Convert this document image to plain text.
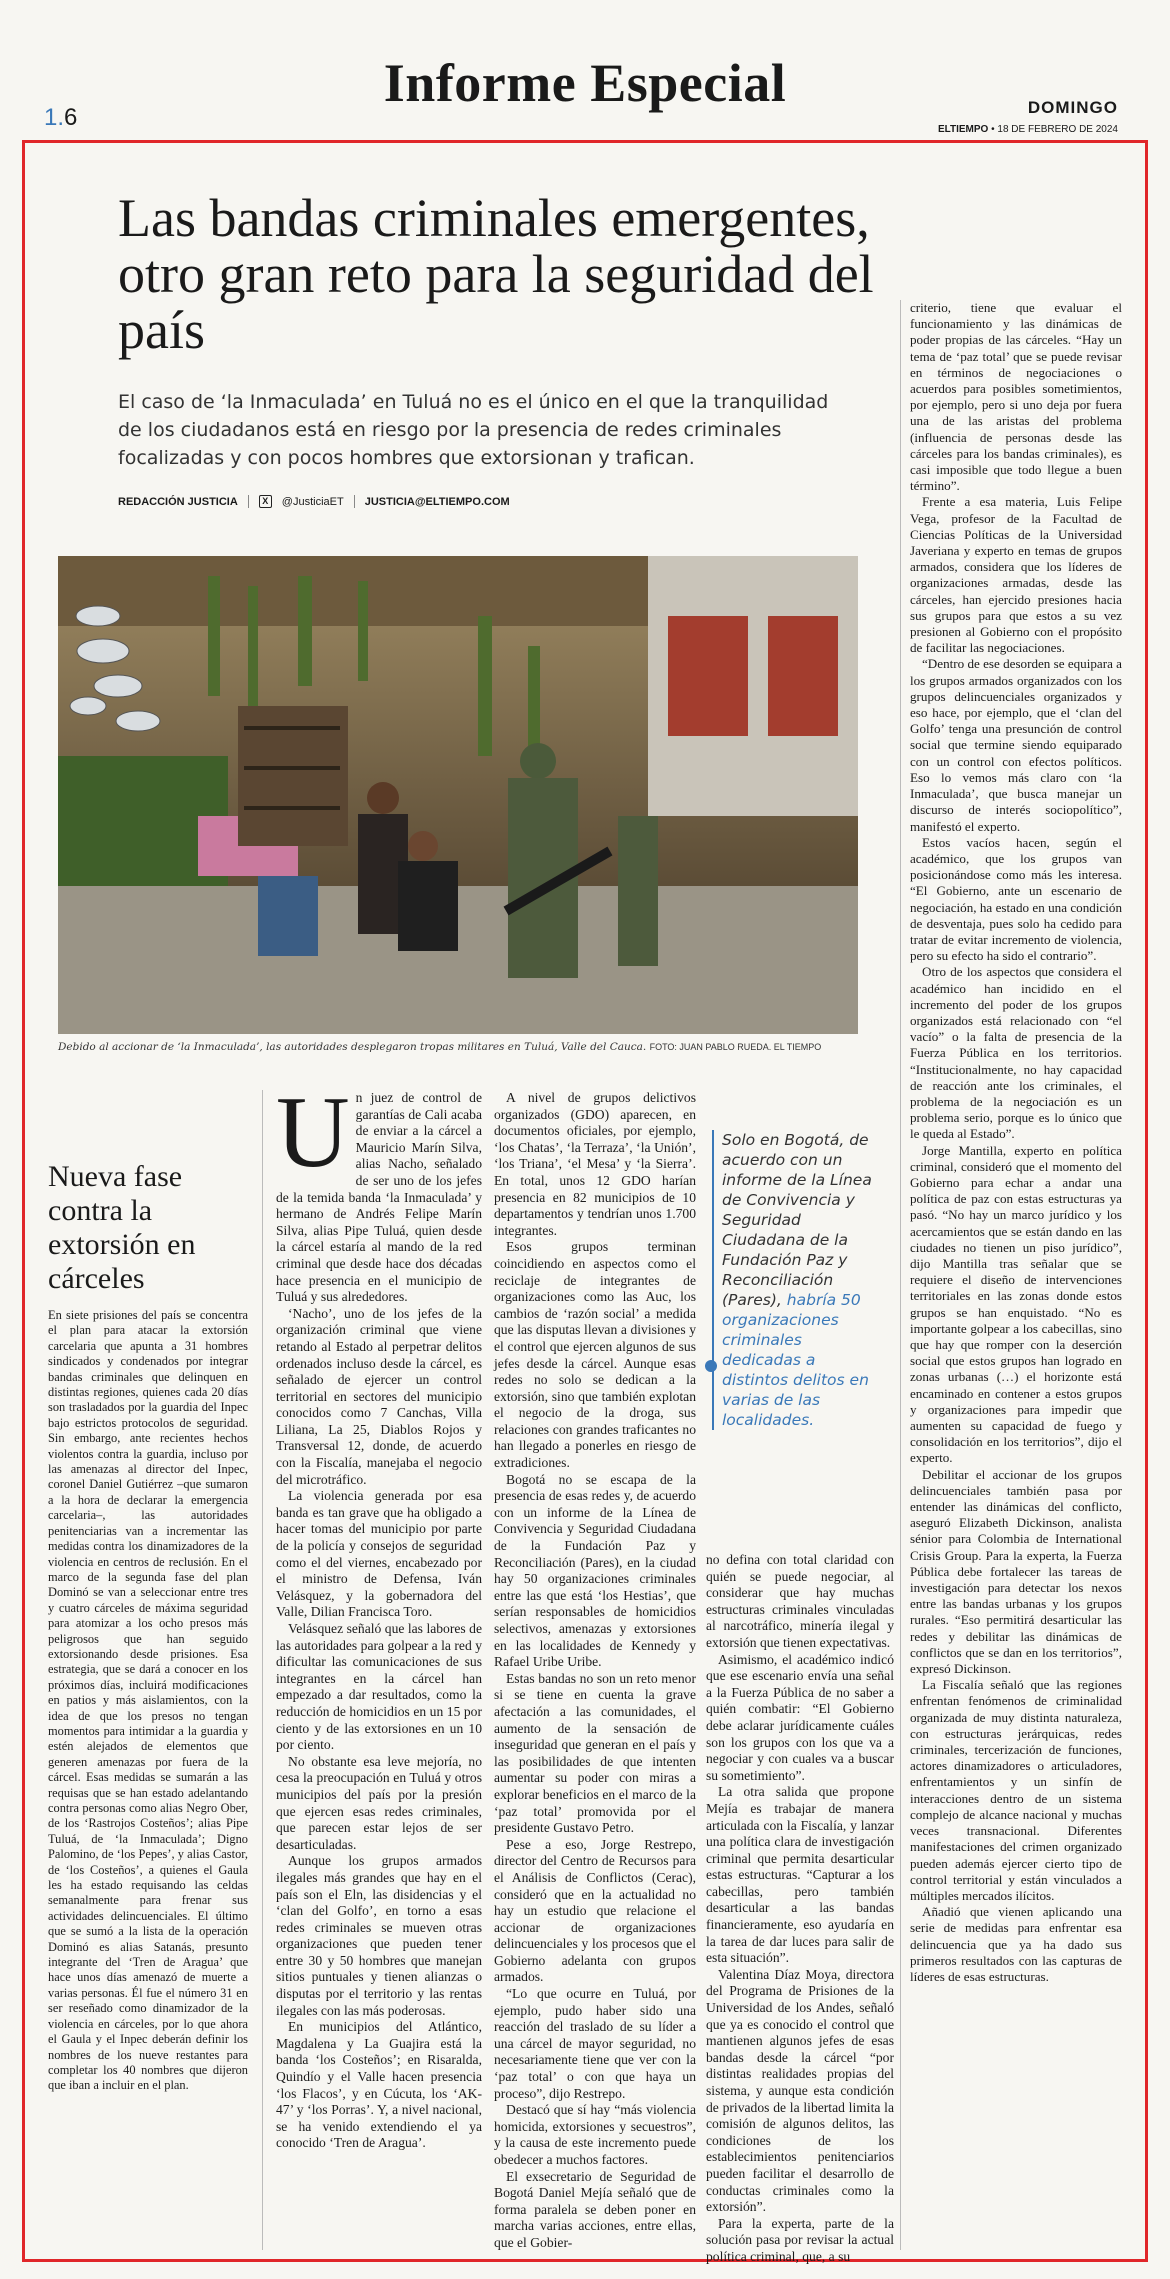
1.6
Informe Especial	DOMINGO
ELTIEMPO • 18 DE FEBRERO DE 2024
Las bandas criminales emergentes, otro gran reto para la seguridad del país
El caso de ‘la Inmaculada’ en Tuluá no es el único en el que la tranquilidad de los ciudadanos está en riesgo por la presencia de redes criminales focalizadas y con pocos hombres que extorsionan y trafican.
REDACCIÓN JUSTICIA	X	@JusticiaET JUSTICIA@ELTIEMPO.COM
Debido al accionar de ‘la Inmaculada’, las autoridades desplegaron tropas militares en Tuluá, Valle del Cauca. FOTO: JUAN PABLO RUEDA. EL TIEMPO
Nueva fase contra la extorsión en cárceles

En siete prisiones del país se concentra el plan para atacar la extorsión carcelaria que apunta a 31 hombres sindicados y condenados por integrar bandas criminales que delinquen en distintas regiones, quienes cada 20 días son trasladados por la guardia del Inpec bajo estrictos protocolos de seguridad. Sin embargo, ante recientes hechos violentos contra la guardia, incluso por las amenazas al director del Inpec, coronel Daniel Gutiérrez –que sumaron a la hora de declarar la emergencia carcelaria–, las autoridades penitenciarias van a incrementar las medidas contra los dinamizadores de la violencia en centros de reclusión. En el marco de la segunda fase del plan Dominó se van a seleccionar entre tres y cuatro cárceles de máxima seguridad para atomizar a los ocho presos más peligrosos que han seguido extorsionando desde prisiones. Esa estrategia, que se dará a conocer en los próximos días, incluirá modificaciones en patios y más aislamientos, con la idea de que los presos no tengan momentos para intimidar a la guardia y estén alejados de elementos que generen amenazas por fuera de la cárcel. Esas medidas se sumarán a las requisas que se han estado adelantando contra personas como alias Negro Ober, de los ‘Rastrojos Costeños’; alias Pipe Tuluá, de ‘la Inmaculada’; Digno Palomino, de ‘los Pepes’, y alias Castor, de ‘los Costeños’, a quienes el Gaula les ha estado requisando las celdas semanalmente para frenar sus actividades delincuenciales. El último que se sumó a la lista de la operación Dominó es alias Satanás, presunto integrante del ‘Tren de Aragua’ que hace unos días amenazó de muerte a varias personas. Él fue el número 31 en ser reseñado como dinamizador de la violencia en cárceles, por lo que ahora el Gaula y el Inpec deberán definir los nombres de los nueve restantes para completar los 40 nombres que dijeron que iban a incluir en el plan.

U n juez de control de garantías de Cali acaba de enviar a la cárcel a Mauricio Marín Silva, alias Nacho, señalado de ser uno de los jefes de la temida banda ‘la Inmaculada’ y hermano de Andrés Felipe Marín Silva, alias Pipe Tuluá, quien desde la cárcel estaría al mando de la red criminal que desde hace dos décadas hace presencia en el municipio de Tuluá y sus alrededores.

‘Nacho’, uno de los jefes de la organización criminal que viene retando al Estado al perpetrar delitos ordenados incluso desde la cárcel, es señalado de ejercer un control territorial en sectores del municipio conocidos como 7 Canchas, Villa Liliana, La 25, Diablos Rojos y Transversal 12, donde, de acuerdo con la Fiscalía, manejaba el negocio del microtráfico.

La violencia generada por esa banda es tan grave que ha obligado a hacer tomas del municipio por parte de la policía y consejos de seguridad como el del viernes, encabezado por el ministro de Defensa, Iván Velásquez, y la gobernadora del Valle, Dilian Francisca Toro.

Velásquez señaló que las labores de las autoridades para golpear a la red y dificultar las comunicaciones de sus integrantes en la cárcel han empezado a dar resultados, como la reducción de homicidios en un 15 por ciento y de las extorsiones en un 10 por ciento.

No obstante esa leve mejoría, no cesa la preocupación en Tuluá y otros municipios del país por la presión que ejercen esas redes criminales, que parecen estar lejos de ser desarticuladas.

Aunque los grupos armados ilegales más grandes que hay en el país son el Eln, las disidencias y el ‘clan del Golfo’, en torno a esas redes criminales se mueven otras organizaciones que pueden tener entre 30 y 50 hombres que manejan sitios puntuales y tienen alianzas o disputas por el territorio y las rentas ilegales con las más poderosas.

En municipios del Atlántico, Magdalena y La Guajira está la banda ‘los Costeños’; en Risaralda, Quindío y el Valle hacen presencia ‘los Flacos’, y en Cúcuta, los ‘AK-47’ y ‘los Porras’. Y, a nivel nacional, se ha venido extendiendo el ya conocido ‘Tren de Aragua’.

A nivel de grupos delictivos organizados (GDO) aparecen, en documentos oficiales, por ejemplo, ‘los Chatas’, ‘la Terraza’, ‘la Unión’, ‘los Triana’, ‘el Mesa’ y ‘la Sierra’. En total, unos 12 GDO harían presencia en 82 municipios de 10 departamentos y tendrían unos 1.700 integrantes.

Esos grupos terminan coincidiendo en aspectos como el reciclaje de integrantes de organizaciones como las Auc, los cambios de ‘razón social’ a medida que las disputas llevan a divisiones y el control que ejercen algunos de sus jefes desde la cárcel. Aunque esas redes no solo se dedican a la extorsión, sino que también explotan el negocio de la droga, sus relaciones con grandes traficantes no han llegado a ponerles en riesgo de extradiciones.

Bogotá no se escapa de la presencia de esas redes y, de acuerdo con un informe de la Línea de Convivencia y Seguridad Ciudadana de la Fundación Paz y Reconciliación (Pares), en la ciudad hay 50 organizaciones criminales entre las que está ‘los Hestias’, que serían responsables de homicidios selectivos, amenazas y extorsiones en las localidades de Kennedy y Rafael Uribe Uribe.

Estas bandas no son un reto menor si se tiene en cuenta la grave afectación a las comunidades, el aumento de la sensación de inseguridad que generan en el país y las posibilidades de que intenten aumentar su poder con miras a explorar beneficios en el marco de la ‘paz total’ promovida por el presidente Gustavo Petro.

Pese a eso, Jorge Restrepo, director del Centro de Recursos para el Análisis de Conflictos (Cerac), consideró que en la actualidad no hay un estudio que relacione el accionar de organizaciones delincuenciales y los procesos que el Gobierno adelanta con grupos armados.

“Lo que ocurre en Tuluá, por ejemplo, pudo haber sido una reacción del traslado de su líder a una cárcel de mayor seguridad, no necesariamente tiene que ver con la ‘paz total’ o con que haya un proceso”, dijo Restrepo.

Destacó que sí hay “más violencia homicida, extorsiones y secuestros”, y la causa de este incremento puede obedecer a muchos factores.

El exsecretario de Seguridad de Bogotá Daniel Mejía señaló que de forma paralela se deben poner en marcha varias acciones, entre ellas, que el Gobier-

Solo en Bogotá, de acuerdo con un informe de la Línea de Convivencia y Seguridad Ciudadana de la Fundación Paz y Reconciliación (Pares), habría 50 organizaciones criminales dedicadas a distintos delitos en varias de las localidades.

no defina con total claridad con quién se puede negociar, al considerar que hay muchas estructuras criminales vinculadas al narcotráfico, minería ilegal y extorsión que tienen expectativas.

Asimismo, el académico indicó que ese escenario envía una señal a la Fuerza Pública de no saber a quién combatir: “El Gobierno debe aclarar jurídicamente cuáles son los grupos con los que va a negociar y con cuales va a buscar su sometimiento”.

La otra salida que propone Mejía es trabajar de manera articulada con la Fiscalía, y lanzar una política clara de investigación criminal que permita desarticular estas estructuras. “Capturar a los cabecillas, pero también desarticular a las bandas financieramente, eso ayudaría en la tarea de dar luces para salir de esta situación”.

Valentina Díaz Moya, directora del Programa de Prisiones de la Universidad de los Andes, señaló que ya es conocido el control que mantienen algunos jefes de esas bandas desde la cárcel “por distintas realidades propias del sistema, y aunque esta condición de privados de la libertad limita la comisión de algunos delitos, las condiciones de los establecimientos penitenciarios pueden facilitar el desarrollo de conductas criminales como la extorsión”.

Para la experta, parte de la solución pasa por revisar la actual política criminal, que, a su

criterio, tiene que evaluar el funcionamiento y las dinámicas de poder propias de las cárceles. “Hay un tema de ‘paz total’ que se puede revisar en términos de negociaciones o acuerdos para posibles sometimientos, por ejemplo, pero si uno deja por fuera una de las aristas del problema (influencia de personas desde las cárceles para los bandas criminales), es casi imposible que todo llegue a buen término”.

Frente a esa materia, Luis Felipe Vega, profesor de la Facultad de Ciencias Políticas de la Universidad Javeriana y experto en temas de grupos armados, considera que los líderes de organizaciones armadas, desde las cárceles, han ejercido presiones hacia sus grupos para que estos a su vez presionen al Gobierno con el propósito de facilitar las negociaciones.

“Dentro de ese desorden se equipara a los grupos armados organizados con los grupos delincuenciales organizados y eso hace, por ejemplo, que el ‘clan del Golfo’ tenga una presunción de control social que termine siendo equiparado con un control con efectos políticos. Eso lo vemos más claro con ‘la Inmaculada’, que busca manejar un discurso de interés sociopolítico”, manifestó el experto.

Estos vacíos hacen, según el académico, que los grupos van posicionándose como más les interesa. “El Gobierno, ante un escenario de negociación, ha estado en una condición de desventaja, pues solo ha cedido para tratar de evitar incremento de violencia, pero su efecto ha sido el contrario”.

Otro de los aspectos que considera el académico han incidido en el incremento del poder de los grupos organizados está relacionado con “el vacío” o la falta de presencia de la Fuerza Pública en los territorios. “Institucionalmente, no hay capacidad de reacción ante los criminales, el problema de la negociación es un problema serio, porque es lo único que le queda al Estado”.

Jorge Mantilla, experto en política criminal, consideró que el momento del Gobierno para echar a andar una política de paz con estas estructuras ya pasó. “No hay un marco jurídico y los acercamientos que se están dando en las ciudades no tienen un piso jurídico”, dijo Mantilla tras señalar que se requiere el diseño de intervenciones territoriales en las zonas donde estos grupos se han enquistado. “No es importante golpear a los cabecillas, sino que hay que romper con la deserción social que estos grupos han logrado en zonas urbanas (…) el horizonte está encaminado en contener a estos grupos y organizaciones para impedir que aumenten su capacidad de fuego y consolidación en los territorios”, dijo el experto.

Debilitar el accionar de los grupos delincuenciales también pasa por entender las dinámicas del conflicto, aseguró Elizabeth Dickinson, analista sénior para Colombia de International Crisis Group. Para la experta, la Fuerza Pública debe fortalecer las tareas de investigación para detectar los nexos entre las bandas urbanas y los grupos rurales. “Eso permitirá desarticular las redes y debilitar las dinámicas de conflictos que se dan en los territorios”, expresó Dickinson.

La Fiscalía señaló que las regiones enfrentan fenómenos de criminalidad organizada de muy distinta naturaleza, con estructuras jerárquicas, redes criminales, tercerización de funciones, actores dinamizadores o articuladores, enfrentamientos y un sinfín de interacciones dentro de un sistema complejo de alcance nacional y muchas veces transnacional. Diferentes manifestaciones del crimen organizado pueden además ejercer cierto tipo de control territorial y están vinculados a múltiples mercados ilícitos.

Añadió que vienen aplicando una serie de medidas para enfrentar esa delincuencia que ya ha dado sus primeros resultados con las capturas de líderes de esas estructuras.
